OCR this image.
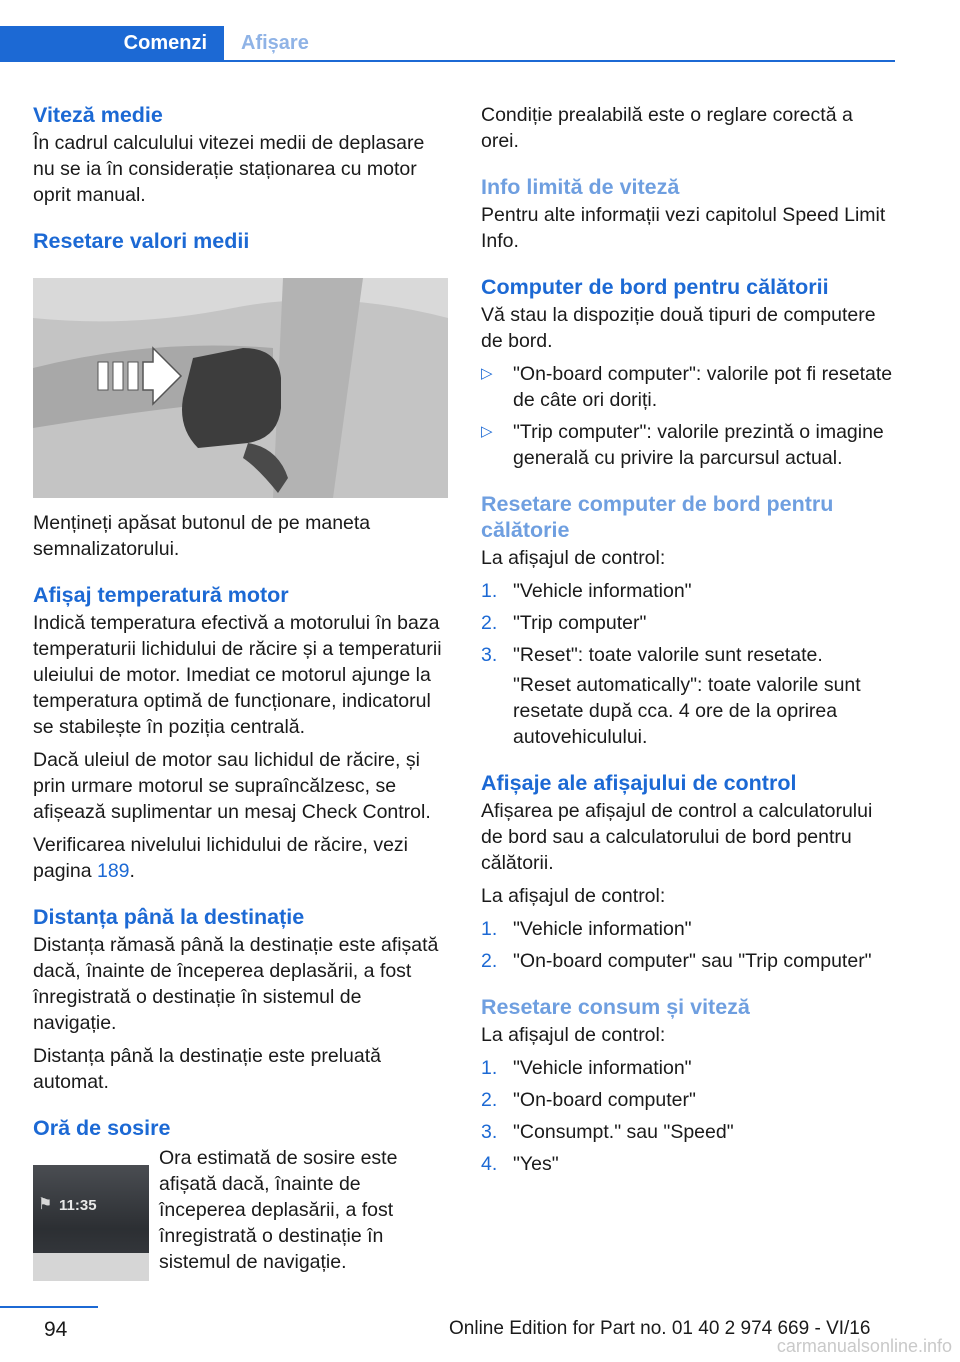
Comenzi Afișare
Viteză medie

În cadrul calculului vitezei medii de deplasare nu se ia în considerație staționarea cu motor oprit manual.

Resetare valori medii

Mențineți apăsat butonul de pe maneta semnalizatorului.

Afișaj temperatură motor

Indică temperatura efectivă a motorului în baza temperaturii lichidului de răcire și a temperaturii uleiului de motor. Imediat ce motorul ajunge la temperatura optimă de funcționare, indicatorul se stabilește în poziția centrală.

Dacă uleiul de motor sau lichidul de răcire, și prin urmare motorul se supraîncălzesc, se afișează suplimentar un mesaj Check Control.

Verificarea nivelului lichidului de răcire, vezi pagina 189.

Distanța până la destinație

Distanța rămasă până la destinație este afișată dacă, înainte de începerea deplasării, a fost înregistrată o destinație în sistemul de navigație.

Distanța până la destinație este preluată automat.

Oră de sosire
⚑ 11:35

Ora estimată de sosire este afișată dacă, înainte de începerea deplasării, a fost înregistrată o destinație în sistemul de navigație.

Condiție prealabilă este o reglare corectă a orei.

Info limită de viteză

Pentru alte informații vezi capitolul Speed Limit Info.

Computer de bord pentru călătorii

Vă stau la dispoziție două tipuri de computere de bord.

▷ "On-board computer": valorile pot fi resetate de câte ori doriți.
▷ "Trip computer": valorile prezintă o imagine generală cu privire la parcursul actual.
Resetare computer de bord pentru călătorie

La afișajul de control:

1. "Vehicle information"
2. "Trip computer"
3. "Reset": toate valorile sunt resetate.

"Reset automatically": toate valorile sunt resetate după cca. 4 ore de la oprirea autovehiculului.

Afișaje ale afișajului de control

Afișarea pe afișajul de control a calculatorului de bord sau a calculatorului de bord pentru călătorii.

La afișajul de control:

1. "Vehicle information"
2. "On-board computer" sau "Trip computer"
Resetare consum și viteză

La afișajul de control:

1. "Vehicle information"
2. "On-board computer"
3. "Consumpt." sau "Speed"
4. "Yes"
94	Online Edition for Part no. 01 40 2 974 669 - VI/16
carmanualsonline.info
